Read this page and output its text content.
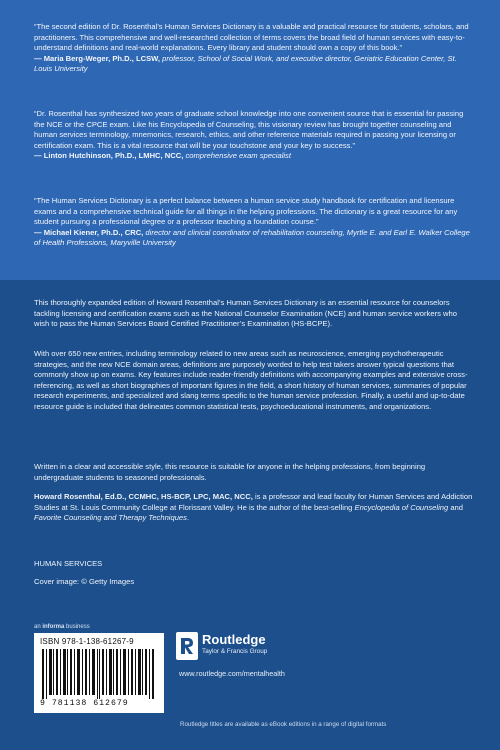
“The second edition of Dr. Rosenthal’s Human Services Dictionary is a valuable and practical resource for students, scholars, and practitioners. This comprehensive and well-researched collection of terms covers the broad field of human services with easy-to-understand definitions and real-world explanations. Every library and student should own a copy of this book.”
— Maria Berg-Weger, Ph.D., LCSW, professor, School of Social Work, and executive director, Geriatric Education Center, St. Louis University
“Dr. Rosenthal has synthesized two years of graduate school knowledge into one convenient source that is essential for passing the NCE or the CPCE exam. Like his Encyclopedia of Counseling, this visionary review has brought together counseling and human services terminology, mnemonics, research, ethics, and other reference materials required in passing your licensing or certification exam. This is a vital resource that will be your touchstone and your key to success.”
— Linton Hutchinson, Ph.D., LMHC, NCC, comprehensive exam specialist
“The Human Services Dictionary is a perfect balance between a human service study handbook for certification and licensure exams and a comprehensive technical guide for all things in the helping professions. The dictionary is a great resource for any student pursuing a professional degree or a professor teaching a foundation course.”
— Michael Kiener, Ph.D., CRC, director and clinical coordinator of rehabilitation counseling, Myrtle E. and Earl E. Walker College of Health Professions, Maryville University
This thoroughly expanded edition of Howard Rosenthal’s Human Services Dictionary is an essential resource for counselors tackling licensing and certification exams such as the National Counselor Examination (NCE) and human service workers who wish to pass the Human Services Board Certified Practitioner’s Examination (HS-BCPE).
With over 650 new entries, including terminology related to new areas such as neuroscience, emerging psychotherapeutic strategies, and the new NCE domain areas, definitions are purposely worded to help test takers answer typical questions that commonly show up on exams. Key features include reader-friendly definitions with accompanying examples and extensive cross-referencing, as well as short biographies of important figures in the field, a short history of human services, summaries of popular research experiments, and specialized and slang terms specific to the human service profession. Finally, a useful and up-to-date resource guide is included that delineates common statistical tests, psychoeducational instruments, and organizations.
Written in a clear and accessible style, this resource is suitable for anyone in the helping professions, from beginning undergraduate students to seasoned professionals.
Howard Rosenthal, Ed.D., CCMHC, HS-BCP, LPC, MAC, NCC, is a professor and lead faculty for Human Services and Addiction Studies at St. Louis Community College at Florissant Valley. He is the author of the best-selling Encyclopedia of Counseling and Favorite Counseling and Therapy Techniques.
HUMAN SERVICES
Cover image: © Getty Images
an informa business
ISBN 978-1-138-61267-9
9 781138 612679
Routledge
Taylor & Francis Group
www.routledge.com/mentalhealth
Routledge titles are available as eBook editions in a range of digital formats
